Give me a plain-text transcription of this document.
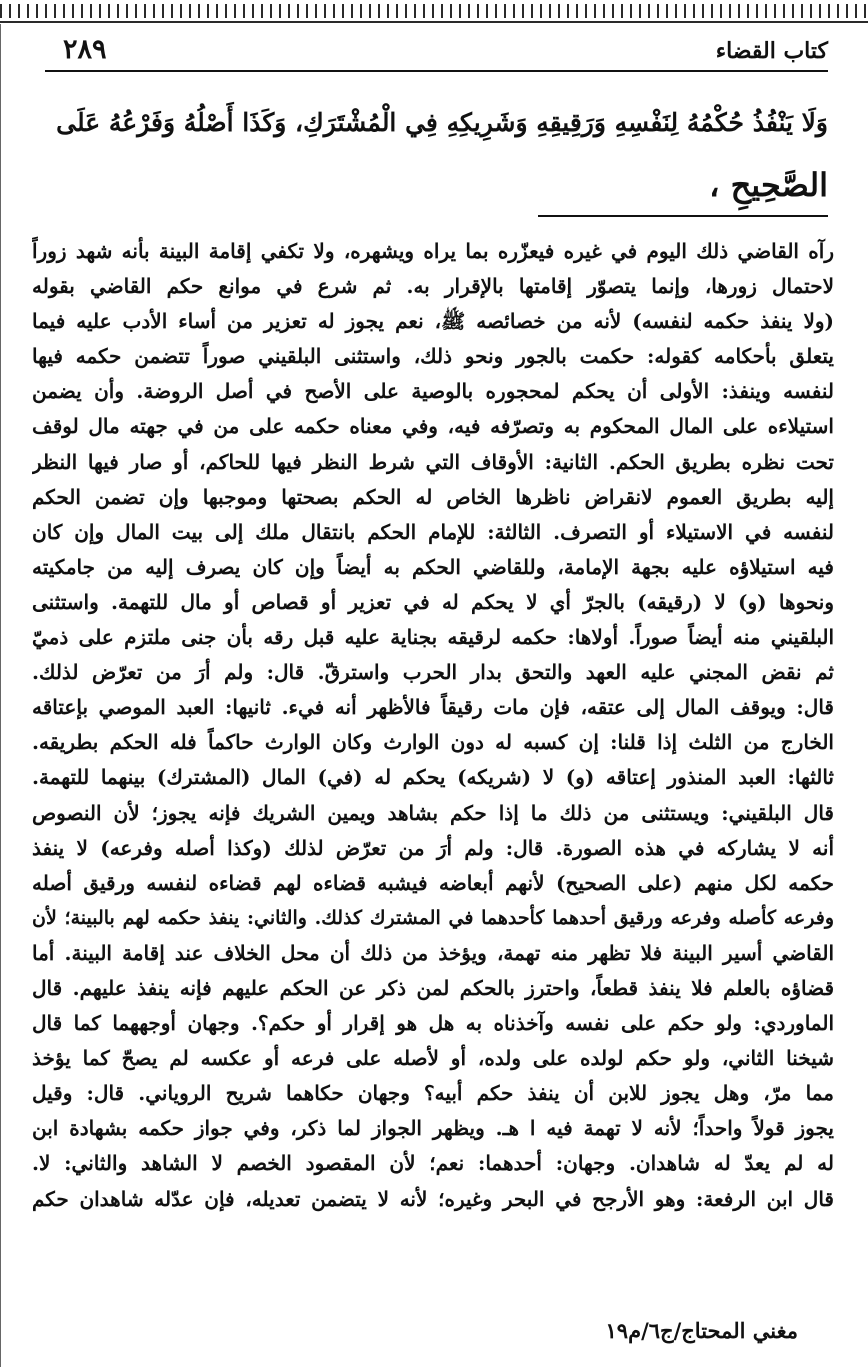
٢٨٩	كتاب القضاء
وَلَا يَنْفُذُ حُكْمُهُ لِنَفْسِهِ وَرَقِيقِهِ وَشَرِيكِهِ فِي الْمُشْتَرَكِ، وَكَذَا أَصْلُهُ وَفَرْعُهُ عَلَى
الصَّحِيحِ ،
رآه القاضي ذلك اليوم في غيره فيعزّره بما يراه ويشهره، ولا تكفي إقامة البينة بأنه شهد زوراً
لاحتمال زورها، وإنما يتصوّر إقامتها بالإقرار به. ثم شرع في موانع حكم القاضي بقوله
(ولا ينفذ حكمه لنفسه) لأنه من خصائصه ﷺ، نعم يجوز له تعزير من أساء الأدب عليه فيما
يتعلق بأحكامه كقوله: حكمت بالجور ونحو ذلك، واستثنى البلقيني صوراً تتضمن حكمه فيها
لنفسه وينفذ: الأولى أن يحكم لمحجوره بالوصية على الأصح في أصل الروضة. وأن يضمن
استيلاءه على المال المحكوم به وتصرّفه فيه، وفي معناه حكمه على من في جهته مال لوقف
تحت نظره بطريق الحكم. الثانية: الأوقاف التي شرط النظر فيها للحاكم، أو صار فيها النظر
إليه بطريق العموم لانقراض ناظرها الخاص له الحكم بصحتها وموجبها وإن تضمن الحكم
لنفسه في الاستيلاء أو التصرف. الثالثة: للإمام الحكم بانتقال ملك إلى بيت المال وإن كان
فيه استيلاؤه عليه بجهة الإمامة، وللقاضي الحكم به أيضاً وإن كان يصرف إليه من جامكيته
ونحوها (و) لا (رقيقه) بالجرّ أي لا يحكم له في تعزير أو قصاص أو مال للتهمة. واستثنى
البلقيني منه أيضاً صوراً. أولاها: حكمه لرقيقه بجناية عليه قبل رقه بأن جنى ملتزم على ذميّ
ثم نقض المجني عليه العهد والتحق بدار الحرب واسترقّ. قال: ولم أرَ من تعرّض لذلك.
قال: ويوقف المال إلى عتقه، فإن مات رقيقاً فالأظهر أنه فيء. ثانيها: العبد الموصي بإعتاقه
الخارج من الثلث إذا قلنا: إن كسبه له دون الوارث وكان الوارث حاكماً فله الحكم بطريقه.
ثالثها: العبد المنذور إعتاقه (و) لا (شريكه) يحكم له (في) المال (المشترك) بينهما للتهمة.
قال البلقيني: ويستثنى من ذلك ما إذا حكم بشاهد ويمين الشريك فإنه يجوز؛ لأن النصوص
أنه لا يشاركه في هذه الصورة. قال: ولم أرَ من تعرّض لذلك (وكذا أصله وفرعه) لا ينفذ
حكمه لكل منهم (على الصحيح) لأنهم أبعاضه فيشبه قضاءه لهم قضاءه لنفسه ورقيق أصله
وفرعه كأصله وفرعه ورقيق أحدهما كأحدهما في المشترك كذلك. والثاني: ينفذ حكمه لهم بالبينة؛ لأن
القاضي أسير البينة فلا تظهر منه تهمة، ويؤخذ من ذلك أن محل الخلاف عند إقامة البينة. أما
قضاؤه بالعلم فلا ينفذ قطعاً، واحترز بالحكم لمن ذكر عن الحكم عليهم فإنه ينفذ عليهم. قال
الماوردي: ولو حكم على نفسه وآخذناه به هل هو إقرار أو حكم؟. وجهان أوجههما كما قال
شيخنا الثاني، ولو حكم لولده على ولده، أو لأصله على فرعه أو عكسه لم يصحّ كما يؤخذ
مما مرّ، وهل يجوز للابن أن ينفذ حكم أبيه؟ وجهان حكاهما شريح الروياني. قال: وقيل
يجوز قولاً واحداً؛ لأنه لا تهمة فيه ا هـ. ويظهر الجواز لما ذكر، وفي جواز حكمه بشهادة ابن
له لم يعدّ له شاهدان. وجهان: أحدهما: نعم؛ لأن المقصود الخصم لا الشاهد والثاني: لا.
قال ابن الرفعة: وهو الأرجح في البحر وغيره؛ لأنه لا يتضمن تعديله، فإن عدّله شاهدان حكم
مغني المحتاج/ج٦/م١٩
